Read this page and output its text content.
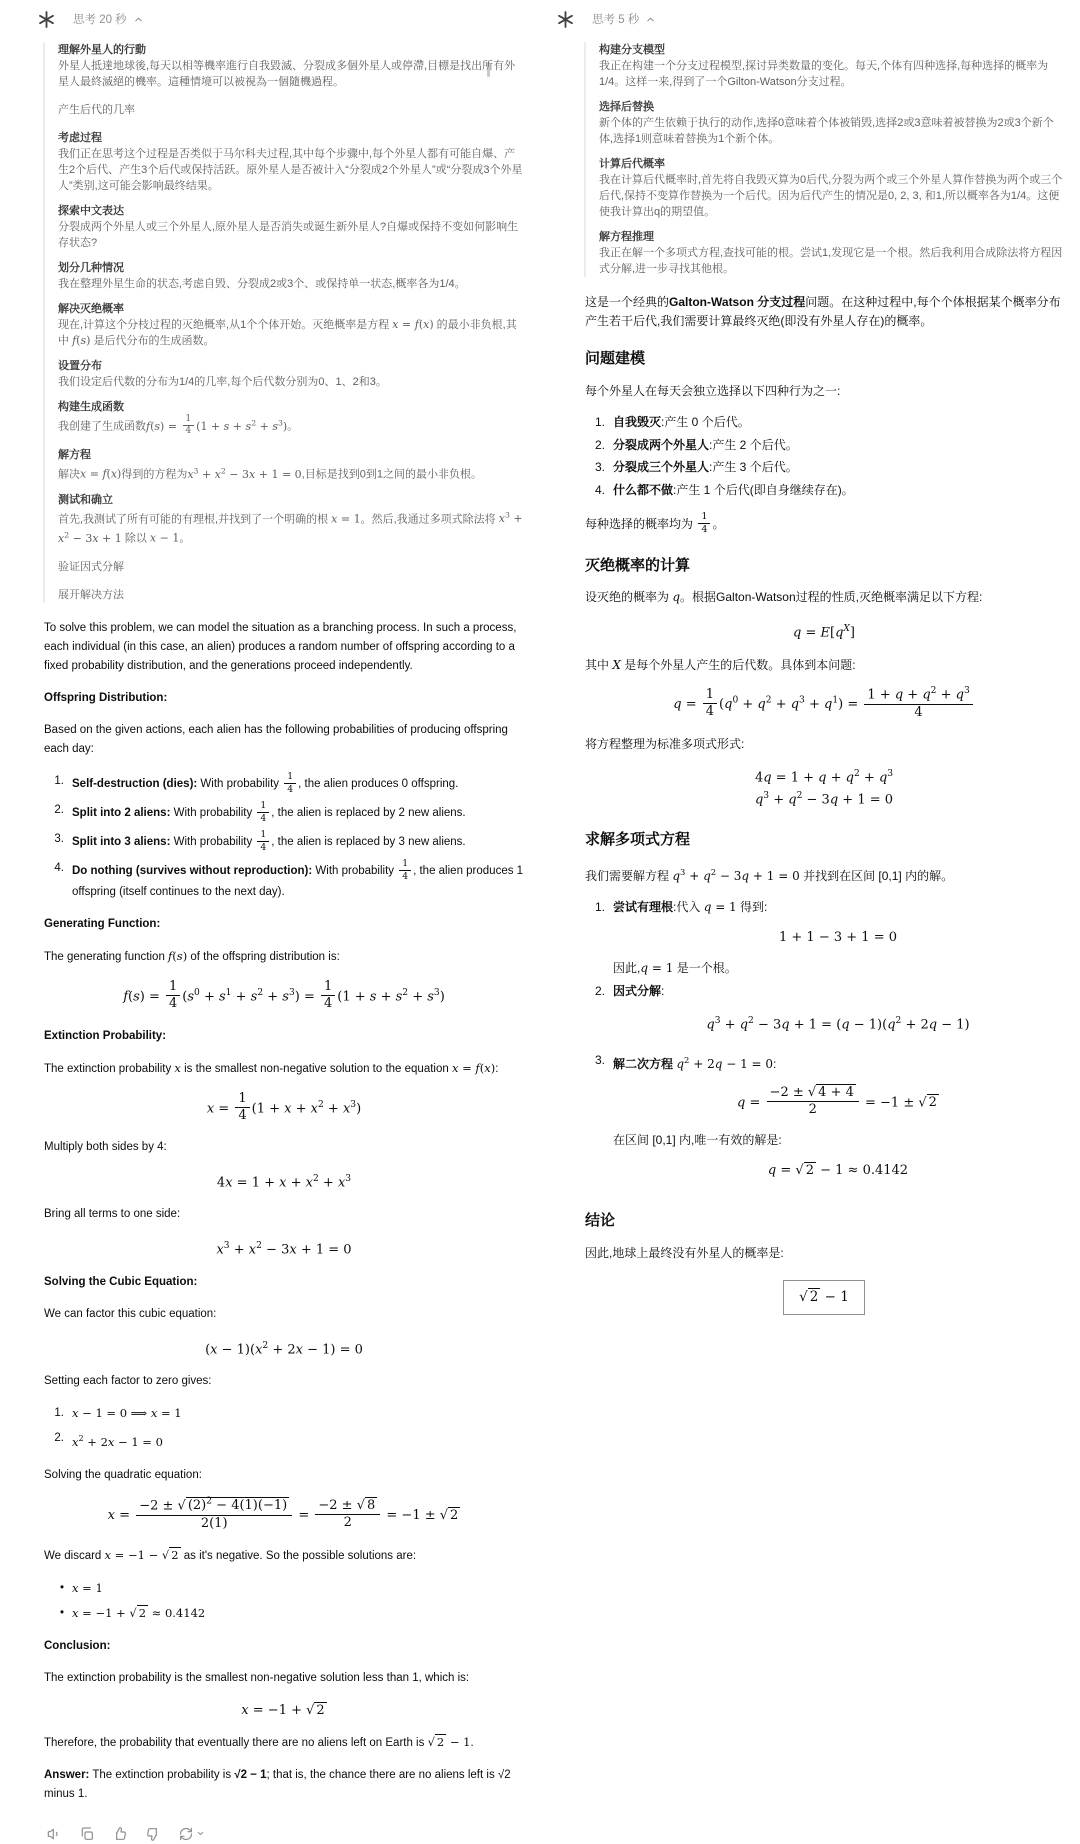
思考 20 秒
理解外星人的行動
外星人抵達地球後,每天以相等機率進行自我毀滅、分裂成多個外星人或停滯,目標是找出所有外星人最終滅絕的機率。這種情境可以被視為一個隨機過程。
产生后代的几率
考虑过程
我们正在思考这个过程是否类似于马尔科夫过程,其中每个步骤中,每个外星人都有可能自爆、产生2个后代、产生3个后代或保持活跃。原外星人是否被计入“分裂成2个外星人”或“分裂成3个外星人”类别,这可能会影响最终结果。
探索中文表达
分裂成两个外星人或三个外星人,原外星人是否消失或诞生新外星人?自爆或保持不变如何影响生存状态?
划分几种情况
我在整理外星生命的状态,考虑自毁、分裂成2或3个、或保持单一状态,概率各为1/4。
解决灭绝概率
现在,计算这个分枝过程的灭绝概率,从1个个体开始。灭绝概率是方程 x = f(x) 的最小非负根,其中 f(s) 是后代分布的生成函数。
设置分布
我们设定后代数的分布为1/4的几率,每个后代数分别为0、1、2和3。
构建生成函数
我创建了生成函数$f(s) = \frac{1}{4} (1 + s + s^2 + s^3)$。
解方程
解决x = f(x)得到的方程为$x^3 + x^2 - 3x + 1 = 0$,目标是找到0到1之间的最小非负根。
测试和确立
首先,我测试了所有可能的有理根,并找到了一个明确的根 x = 1。然后,我通过多项式除法将 $x^3 + x^2 - 3x + 1$ 除以 x − 1。
验证因式分解
展开解决方法

To solve this problem, we can model the situation as a branching process. In such a process, each individual (in this case, an alien) produces a random number of offspring according to a fixed probability distribution, and the generations proceed independently.

Offspring Distribution:

Based on the given actions, each alien has the following probabilities of producing offspring each day:

1. Self-destruction (dies): With probability $\frac{1}{4}$ , the alien produces 0 offspring.
2. Split into 2 aliens: With probability $\frac{1}{4}$ , the alien is replaced by 2 new aliens.
3. Split into 3 aliens: With probability $\frac{1}{4}$ , the alien is replaced by 3 new aliens.
4. Do nothing (survives without reproduction): With probability $\frac{1}{4}$ , the alien produces 1 offspring (itself continues to the next day).

Generating Function:

The generating function f(s) of the offspring distribution is:

$f(s) = \frac{1}{4} (s^0 + s^1 + s^2 + s^3) = \frac{1}{4} (1 + s + s^2 + s^3)$

Extinction Probability:

The extinction probability x is the smallest non-negative solution to the equation x = f(x):

$x = \frac{1}{4} (1 + x + x^2 + x^3)$

Multiply both sides by 4:

$4x = 1 + x + x^2 + x^3$

Bring all terms to one side:

$x^3 + x^2 - 3x + 1 = 0$

Solving the Cubic Equation:

We can factor this cubic equation:

$(x - 1)(x^2 + 2x - 1) = 0$

Setting each factor to zero gives:

1. x − 1 = 0 ⟹ x = 1
2. $x^2 + 2x - 1 = 0$

Solving the quadratic equation:

$x = \frac{-2 \pm √ (2)^2 - 4(1)(-1)}{2(1)} = \frac{-2 \pm √ 8}{2} = -1$ ± √ 2

We discard x = −1 − √ 2 as it's negative. So the possible solutions are:

• x = 1
• x = −1 + √ 2 ≈ 0.4142

Conclusion:

The extinction probability is the smallest non-negative solution less than 1, which is:

x = −1 + √ 2

Therefore, the probability that eventually there are no aliens left on Earth is √ 2 − 1.

Answer: The extinction probability is √2 − 1; that is, the chance there are no aliens left is √2 minus 1.

思考 5 秒
构建分支模型
我正在构建一个分支过程模型,探讨异类数量的变化。每天,个体有四种选择,每种选择的概率为1/4。这样一来,得到了一个Gilton-Watson分支过程。
选择后替换
新个体的产生依赖于执行的动作,选择0意味着个体被销毁,选择2或3意味着被替换为2或3个新个体,选择1则意味着替换为1个新个体。
计算后代概率
我在计算后代概率时,首先将自我毁灭算为0后代,分裂为两个或三个外星人算作替换为两个或三个后代,保持不变算作替换为一个后代。因为后代产生的情况是0, 2, 3, 和1,所以概率各为1/4。这便使我计算出q的期望值。
解方程推理
我正在解一个多项式方程,查找可能的根。尝试1,发现它是一个根。然后我利用合成除法将方程因式分解,进一步寻找其他根。

这是一个经典的Galton-Watson 分支过程问题。在这种过程中,每个个体根据某个概率分布产生若干后代,我们需要计算最终灭绝(即没有外星人存在)的概率。

问题建模

每个外星人在每天会独立选择以下四种行为之一:

1. 自我毁灭:产生 0 个后代。
2. 分裂成两个外星人:产生 2 个后代。
3. 分裂成三个外星人:产生 3 个后代。
4. 什么都不做:产生 1 个后代(即自身继续存在)。

每种选择的概率均为 $\frac{1}{4}$ 。

灭绝概率的计算

设灭绝的概率为 q。根据Galton-Watson过程的性质,灭绝概率满足以下方程:

$q = E[q^X]$

其中 X 是每个外星人产生的后代数。具体到本问题:

$q = \frac{1}{4} (q^0 + q^2 + q^3 + q^1) = \frac{1 + q + q^2 + q^3}{4}$

将方程整理为标准多项式形式:

$4q = 1 + q + q^2 + q^3$
$q^3 + q^2 - 3q + 1 = 0$
求解多项式方程

我们需要解方程 $q^3 + q^2 - 3q + 1 = 0$ 并找到在区间 [0,1] 内的解。

1. 尝试有理根:代入 q = 1 得到:
1 + 1 − 3 + 1 = 0
因此,q = 1 是一个根。
2. 因式分解:
$q^3 + q^2 - 3q + 1 = (q - 1)(q^2 + 2q - 1)$
3. 解二次方程 $q^2 + 2q - 1 = 0$:
$q = \frac{-2 \pm √ 4 + 4}{2} = -1$ ± √ 2
在区间 [0,1] 内,唯一有效的解是:
q = √ 2 − 1 ≈ 0.4142
结论

因此,地球上最终没有外星人的概率是:

√ 2 − 1
